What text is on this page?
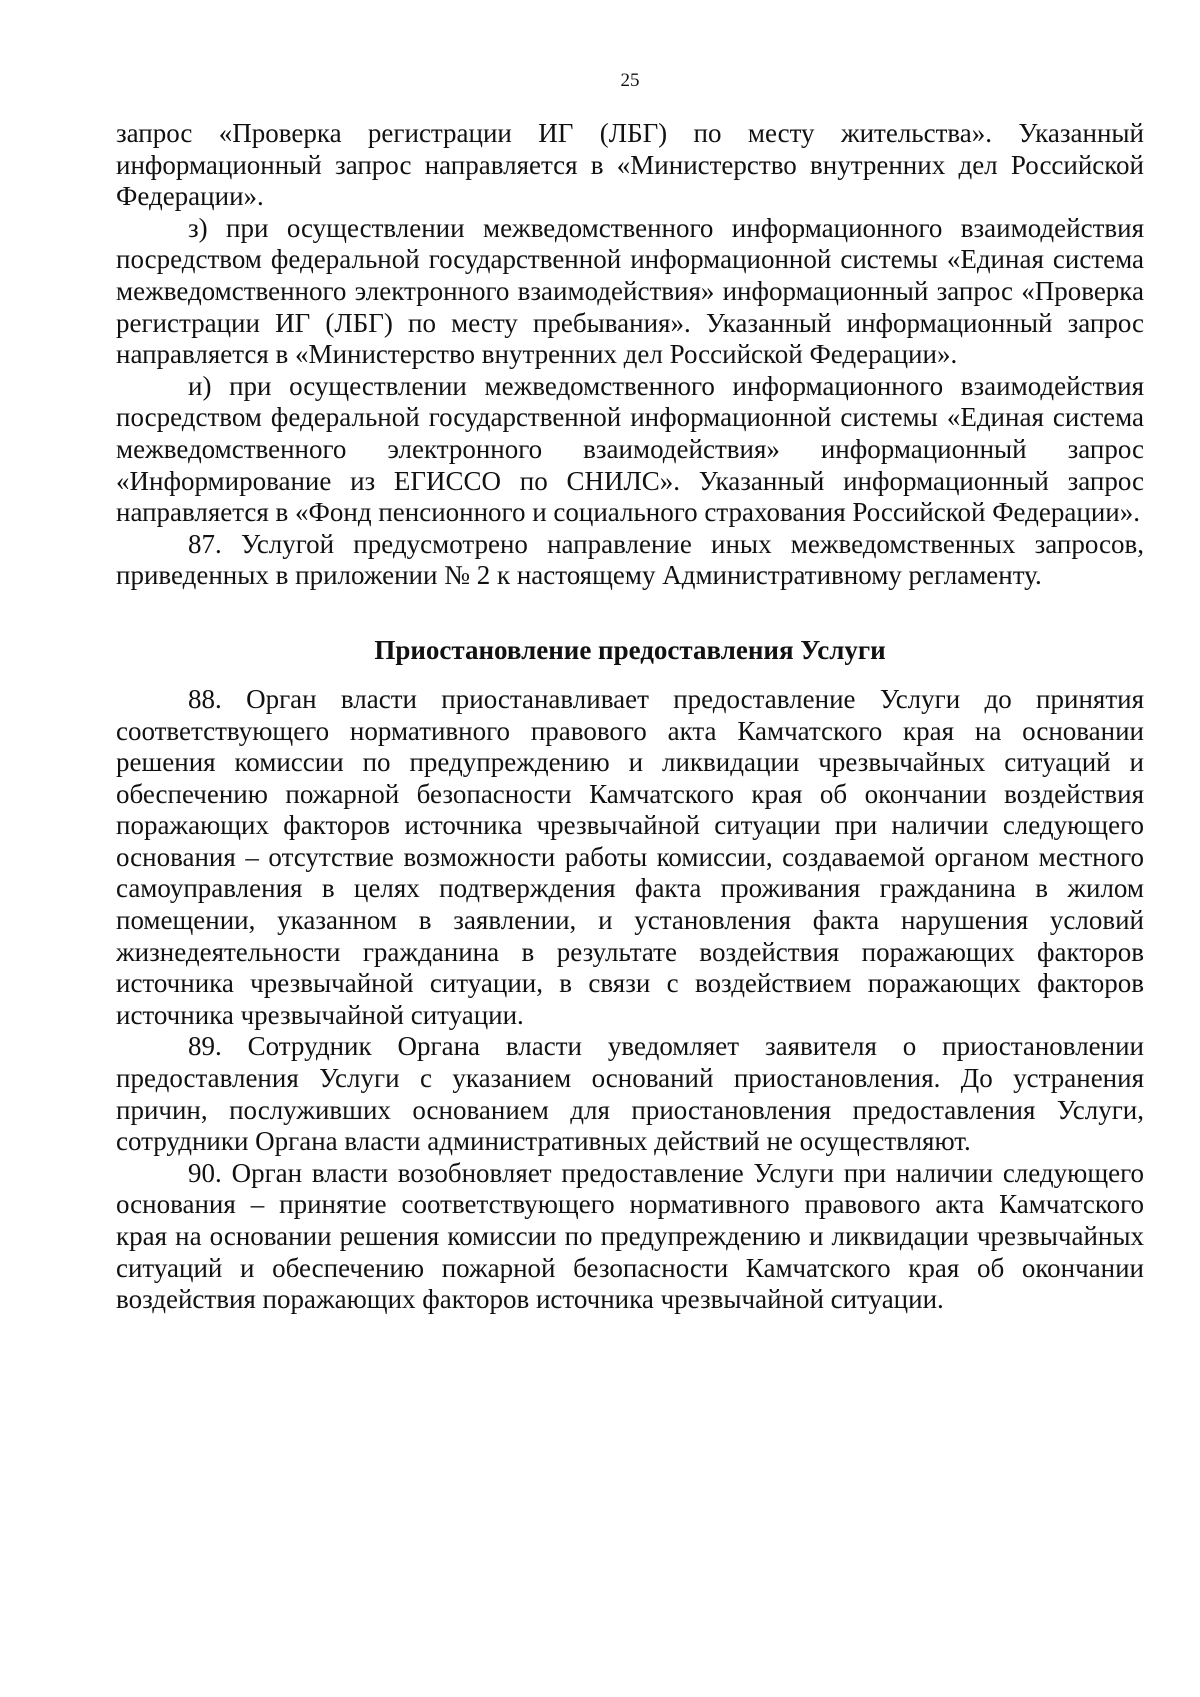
25

запрос «Проверка регистрации ИГ (ЛБГ) по месту жительства». Указанный информационный запрос направляется в «Министерство внутренних дел Российской Федерации».

з) при осуществлении межведомственного информационного взаимодействия посредством федеральной государственной информационной системы «Единая система межведомственного электронного взаимодействия» информационный запрос «Проверка регистрации ИГ (ЛБГ) по месту пребывания». Указанный информационный запрос направляется в «Министерство внутренних дел Российской Федерации».

и) при осуществлении межведомственного информационного взаимодействия посредством федеральной государственной информационной системы «Единая система межведомственного электронного взаимодействия» информационный запрос «Информирование из ЕГИССО по СНИЛС». Указанный информационный запрос направляется в «Фонд пенсионного и социального страхования Российской Федерации».

87. Услугой предусмотрено направление иных межведомственных запросов, приведенных в приложении № 2 к настоящему Административному регламенту.

Приостановление предоставления Услуги

88. Орган власти приостанавливает предоставление Услуги до принятия соответствующего нормативного правового акта Камчатского края на основании решения комиссии по предупреждению и ликвидации чрезвычайных ситуаций и обеспечению пожарной безопасности Камчатского края об окончании воздействия поражающих факторов источника чрезвычайной ситуации при наличии следующего основания – отсутствие возможности работы комиссии, создаваемой органом местного самоуправления в целях подтверждения факта проживания гражданина в жилом помещении, указанном в заявлении, и установления факта нарушения условий жизнедеятельности гражданина в результате воздействия поражающих факторов источника чрезвычайной ситуации, в связи с воздействием поражающих факторов источника чрезвычайной ситуации.

89. Сотрудник Органа власти уведомляет заявителя о приостановлении предоставления Услуги с указанием оснований приостановления. До устранения причин, послуживших основанием для приостановления предоставления Услуги, сотрудники Органа власти административных действий не осуществляют.

90. Орган власти возобновляет предоставление Услуги при наличии следующего основания – принятие соответствующего нормативного правового акта Камчатского края на основании решения комиссии по предупреждению и ликвидации чрезвычайных ситуаций и обеспечению пожарной безопасности Камчатского края об окончании воздействия поражающих факторов источника чрезвычайной ситуации.
